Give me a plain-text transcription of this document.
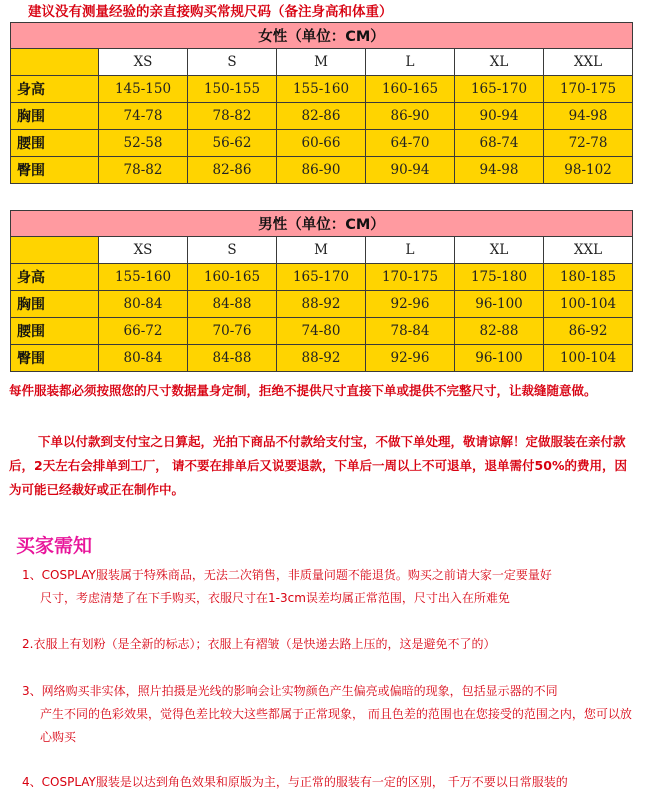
建议没有测量经验的亲直接购买常规尺码（备注身高和体重）
女性（单位：CM）						
	XS	S	M	L	XL	XXL
身高	145-150	150-155	155-160	160-165	165-170	170-175
胸围	74-78	78-82	82-86	86-90	90-94	94-98
腰围	52-58	56-62	60-66	64-70	68-74	72-78
臀围	78-82	82-86	86-90	90-94	94-98	98-102
男性（单位：CM）						
	XS	S	M	L	XL	XXL
身高	155-160	160-165	165-170	170-175	175-180	180-185
胸围	80-84	84-88	88-92	92-96	96-100	100-104
腰围	66-72	70-76	74-80	78-84	82-88	86-92
臀围	80-84	84-88	88-92	92-96	96-100	100-104

每件服装都必须按照您的尺寸数据量身定制，拒绝不提供尺寸直接下单或提供不完整尺寸，让裁缝随意做。

下单以付款到支付宝之日算起，光拍下商品不付款给支付宝，不做下单处理，敬请谅解！定做服装在亲付款后，2天左右会排单到工厂， 请不要在排单后又说要退款，下单后一周以上不可退单，退单需付50%的费用，因为可能已经裁好或正在制作中。

买家需知

1、COSPLAY服装属于特殊商品，无法二次销售，非质量问题不能退货。购买之前请大家一定要量好
尺寸，考虑清楚了在下手购买，衣服尺寸在1-3cm误差均属正常范围，尺寸出入在所难免

2.衣服上有划粉（是全新的标志）；衣服上有褶皱（是快递去路上压的，这是避免不了的）

3、网络购买非实体，照片拍摄是光线的影响会让实物颜色产生偏亮或偏暗的现象，包括显示器的不同
产生不同的色彩效果，觉得色差比较大这些都属于正常现象， 而且色差的范围也在您接受的范围之内，您可以放心购买

4、COSPLAY服装是以达到角色效果和原版为主，与正常的服装有一定的区别， 千万不要以日常服装的
